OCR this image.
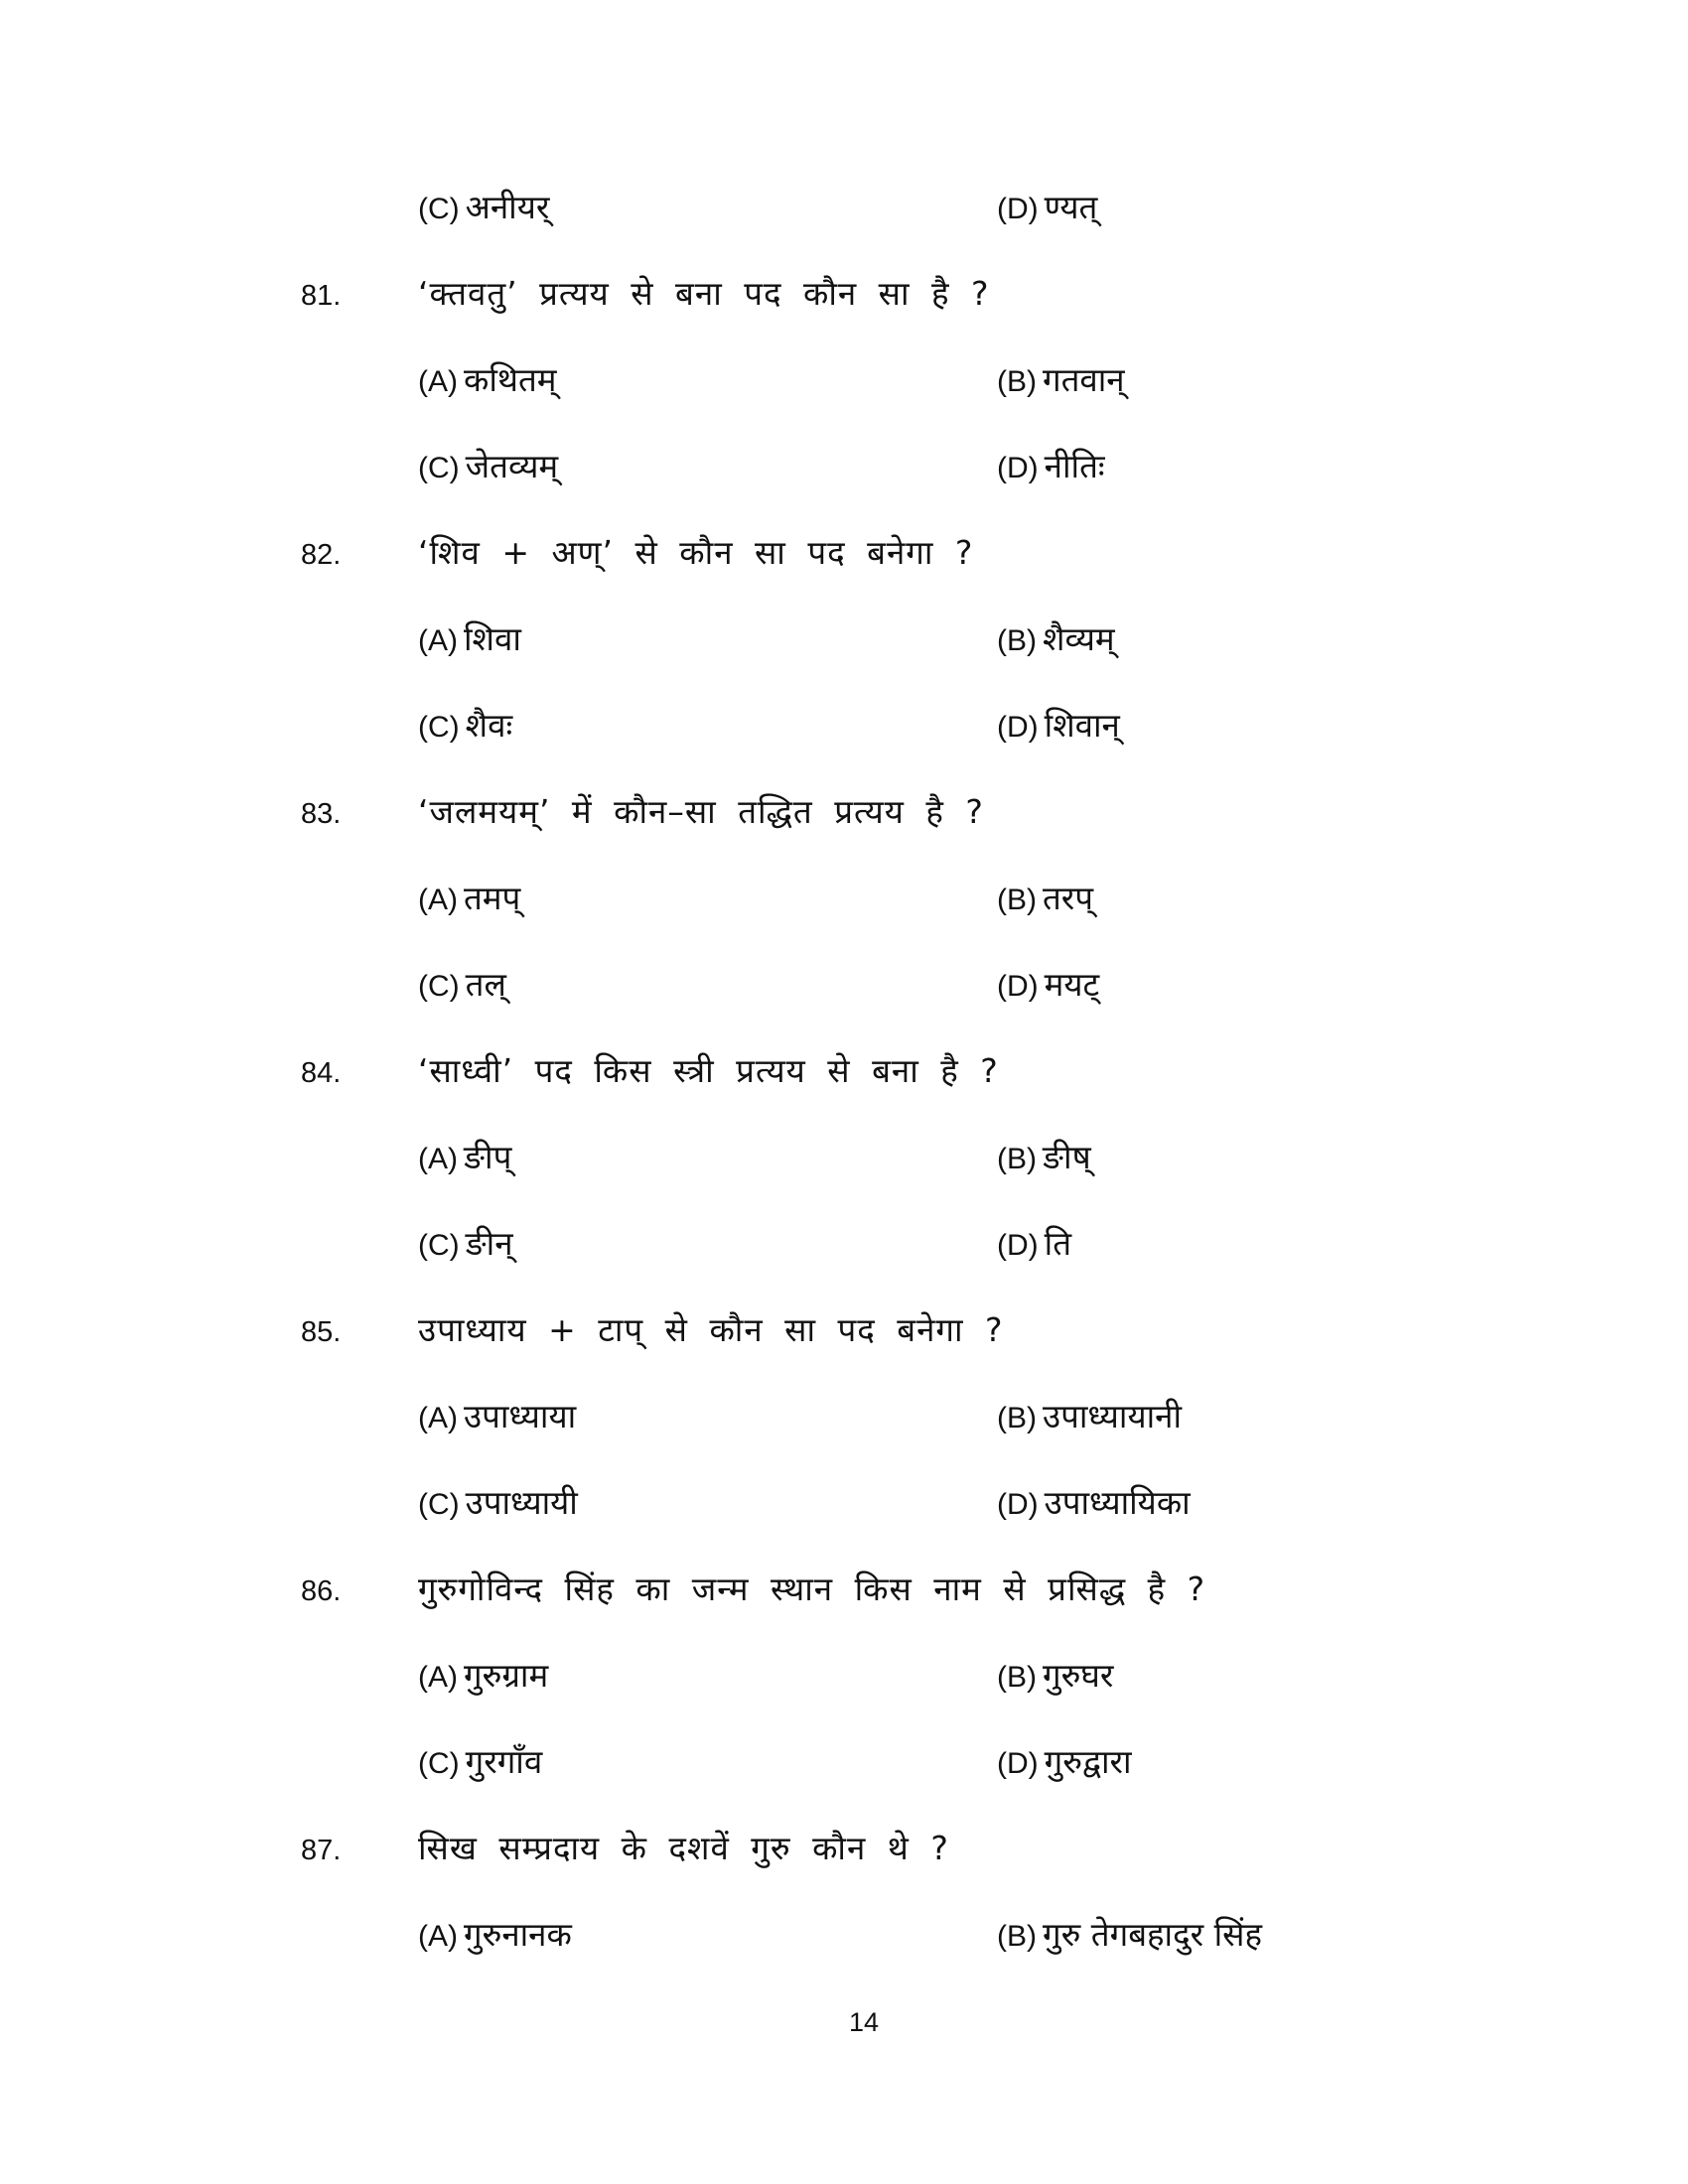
(C) अनीयर्	(D) ण्यत्
81. ‘क्तवतु’ प्रत्यय से बना पद कौन सा है ?
(A) कथितम्	(B) गतवान्
(C) जेतव्यम्	(D) नीतिः
82. ‘शिव + अण्’ से कौन सा पद बनेगा ?
(A) शिवा	(B) शैव्यम्
(C) शैवः	(D) शिवान्
83. ‘जलमयम्’ में कौन–सा तद्धित प्रत्यय है ?
(A) तमप्	(B) तरप्
(C) तल्	(D) मयट्
84. ‘साध्वी’ पद किस स्त्री प्रत्यय से बना है ?
(A) ङीप्	(B) ङीष्
(C) ङीन्	(D) ति
85. उपाध्याय + टाप् से कौन सा पद बनेगा ?
(A) उपाध्याया	(B) उपाध्यायानी
(C) उपाध्यायी	(D) उपाध्यायिका
86. गुरुगोविन्द सिंह का जन्म स्थान किस नाम से प्रसिद्ध है ?
(A) गुरुग्राम	(B) गुरुघर
(C) गुरगाँव	(D) गुरुद्वारा
87. सिख सम्प्रदाय के दशवें गुरु कौन थे ?
(A) गुरुनानक	(B) गुरु तेगबहादुर सिंह
14
